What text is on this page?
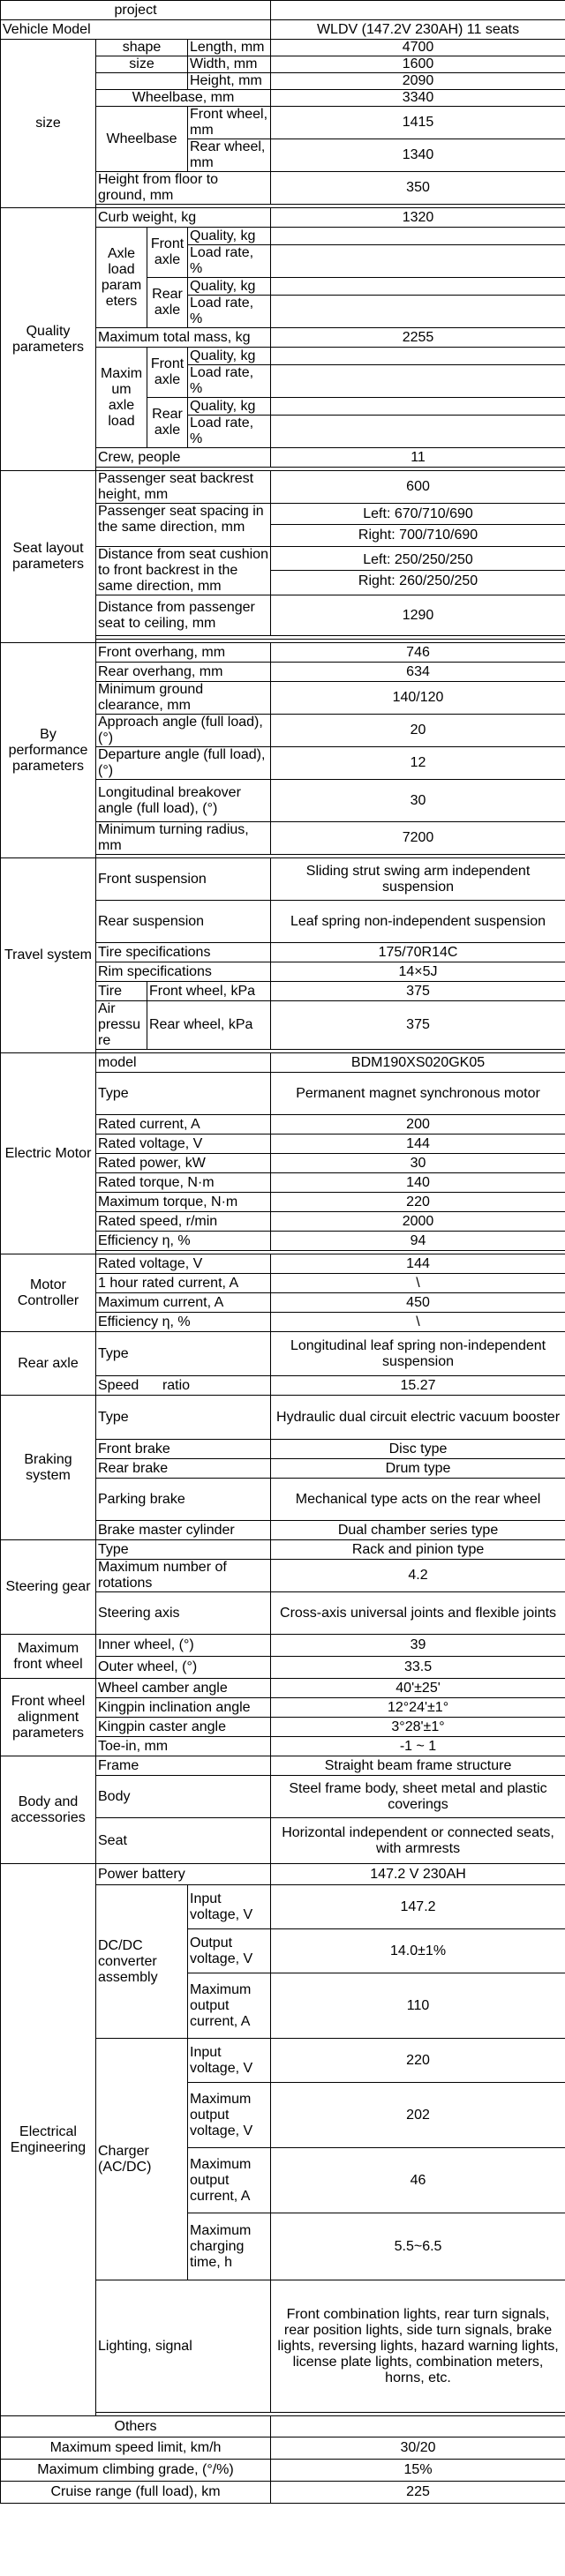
project				
Vehicle Model				WLDV (147.2V 230AH) 11 seats
size	shape		Length, mm	4700
	size		Width, mm	1600
			Height, mm	2090
	Wheelbase, mm			3340
	Wheelbase		Front wheel, mm	1415
			Rear wheel, mm	1340
	Height from floor to ground, mm			350

Quality parameters	Curb weight, kg			1320
	Axle load parameters	Front axle	Quality, kg	
			Load rate, %	
		Rear axle	Quality, kg	
			Load rate, %	
	Maximum total mass, kg			2255
	Maximum axle load	Front axle	Quality, kg	
			Load rate, %	
		Rear axle	Quality, kg	
			Load rate, %	
	Crew, people			11

Seat layout parameters	Passenger seat backrest height, mm			600
	Passenger seat spacing in the same direction, mm			Left: 670/710/690
Right: 700/710/690

	Distance from seat cushion to front backrest in the same direction, mm			Left: 250/250/250
Right: 260/250/250

	Distance from passenger seat to ceiling, mm			1290

By performance parameters	Front overhang, mm			746
	Rear overhang, mm			634
	Minimum ground clearance, mm			140/120
	Approach angle (full load), (°)			20
	Departure angle (full load), (°)			12
	Longitudinal breakover angle (full load), (°)			30
	Minimum turning radius, mm			7200

Travel system	Front suspension			Sliding strut swing arm independent suspension
	Rear suspension			Leaf spring non-independent suspension
	Tire specifications			175/70R14C
	Rim specifications			14×5J
	Tire	Front wheel, kPa		375
	Air pressure	Rear wheel, kPa		375

Electric Motor	model			BDM190XS020GK05
	Type			Permanent magnet synchronous motor
	Rated current, A			200
	Rated voltage, V			144
	Rated power, kW			30
	Rated torque, N·m			140
	Maximum torque, N·m			220
	Rated speed, r/min			2000
	Efficiency η, %			94

Motor Controller	Rated voltage, V			144
	1 hour rated current, A			\
	Maximum current, A			450
	Efficiency η, %			\
Rear axle	Type			Longitudinal leaf spring non-independent suspension
	Speed      ratio			15.27
Braking system	Type			Hydraulic dual circuit electric vacuum booster
	Front brake			Disc type
	Rear brake			Drum type
	Parking brake			Mechanical type acts on the rear wheel
	Brake master cylinder			Dual chamber series type
Steering gear	Type			Rack and pinion type
	Maximum number of rotations			4.2
	Steering axis			Cross-axis universal joints and flexible joints
Maximum front wheel	Inner wheel, (°)			39
	Outer wheel, (°)			33.5
Front wheel alignment parameters	Wheel camber angle			40'±25'
	Kingpin inclination angle			12°24'±1°
	Kingpin caster angle			3°28'±1°
	Toe-in, mm			-1 ~ 1
Body and accessories	Frame			Straight beam frame structure
	Body			Steel frame body, sheet metal and plastic coverings
	Seat			Horizontal independent or connected seats, with armrests
Electrical Engineering	Power battery			147.2 V 230AH
	DC/DC converter assembly		Input voltage, V	147.2
			Output voltage, V	14.0±1%
			Maximum output current, A	110
	Charger (AC/DC)		Input voltage, V	220
			Maximum output voltage, V	202
			Maximum output current, A	46
			Maximum charging time, h	5.5~6.5
	Lighting, signal			Front combination lights, rear turn signals, rear position lights, side turn signals, brake lights, reversing lights, hazard warning lights, license plate lights, combination meters, horns, etc.

Others				
Maximum speed limit, km/h				30/20
Maximum climbing grade, (°/%)				15%
Cruise range (full load), km				225
